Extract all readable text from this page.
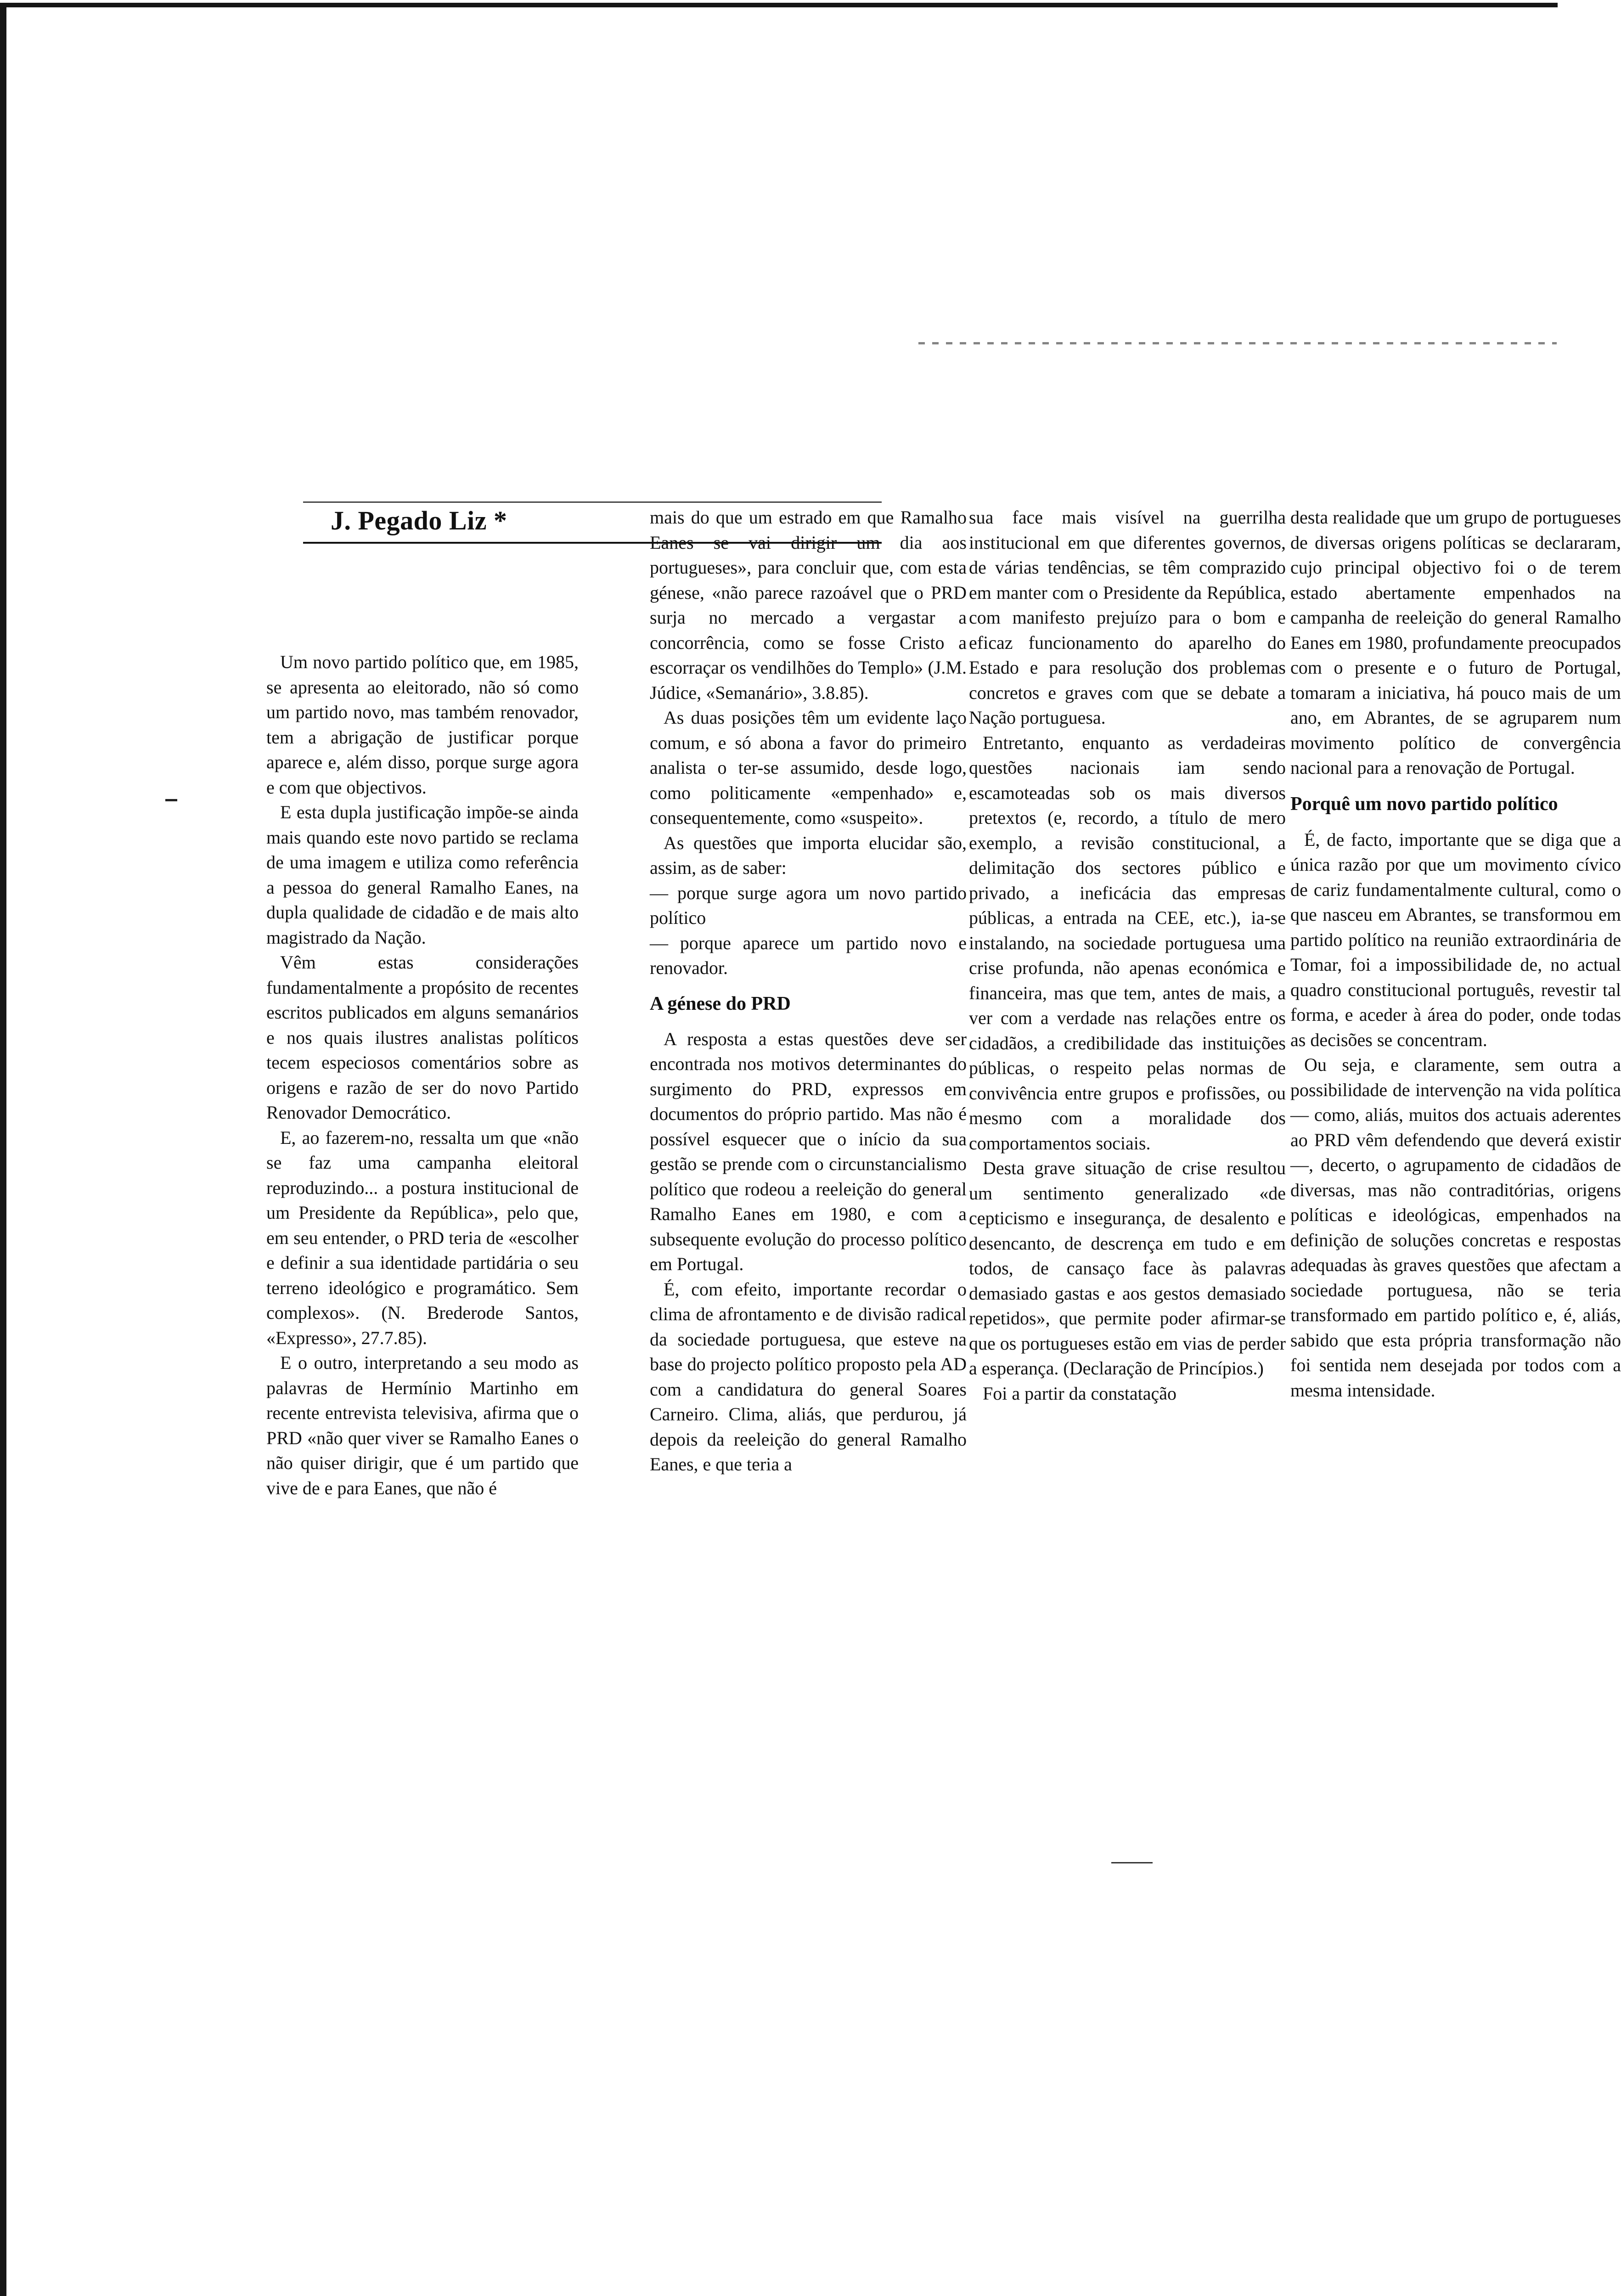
J. Pegado Liz *

Um novo partido político que, em 1985, se apresenta ao eleitorado, não só como um partido novo, mas também renovador, tem a abrigação de justificar porque aparece e, além disso, porque surge agora e com que objectivos.

E esta dupla justificação impõe-se ainda mais quando este novo partido se reclama de uma imagem e utiliza como referência a pessoa do general Ramalho Eanes, na dupla qualidade de cidadão e de mais alto magistrado da Nação.

Vêm estas considerações fundamentalmente a propósito de recentes escritos publicados em alguns semanários e nos quais ilustres analistas políticos tecem especiosos comentários sobre as origens e razão de ser do novo Partido Renovador Democrático.

E, ao fazerem-no, ressalta um que «não se faz uma campanha eleitoral reproduzindo... a postura institucional de um Presidente da República», pelo que, em seu entender, o PRD teria de «escolher e definir a sua identidade partidária o seu terreno ideológico e programático. Sem complexos». (N. Brederode Santos, «Expresso», 27.7.85).

E o outro, interpretando a seu modo as palavras de Hermínio Martinho em recente entrevista televisiva, afirma que o PRD «não quer viver se Ramalho Eanes o não quiser dirigir, que é um partido que vive de e para Eanes, que não é

mais do que um estrado em que Ramalho Eanes se vai dirigir um dia aos portugueses», para concluir que, com esta génese, «não parece razoável que o PRD surja no mercado a vergastar a concorrência, como se fosse Cristo a escorraçar os vendilhões do Templo» (J.M. Júdice, «Semanário», 3.8.85).

As duas posições têm um evidente laço comum, e só abona a favor do primeiro analista o ter-se assumido, desde logo, como politicamente «empenhado» e, consequentemente, como «suspeito».

As questões que importa elucidar são, assim, as de saber:

— porque surge agora um novo partido político

— porque aparece um partido novo e renovador.

A génese do PRD

A resposta a estas questões deve ser encontrada nos motivos determinantes do surgimento do PRD, expressos em documentos do próprio partido. Mas não é possível esquecer que o início da sua gestão se prende com o circunstancialismo político que rodeou a reeleição do general Ramalho Eanes em 1980, e com a subsequente evolução do processo político em Portugal.

É, com efeito, importante recordar o clima de afrontamento e de divisão radical da sociedade portuguesa, que esteve na base do projecto político proposto pela AD com a candidatura do general Soares Carneiro. Clima, aliás, que perdurou, já depois da reeleição do general Ramalho Eanes, e que teria a

sua face mais visível na guerrilha institucional em que diferentes governos, de várias tendências, se têm comprazido em manter com o Presidente da República, com manifesto prejuízo para o bom e eficaz funcionamento do aparelho do Estado e para resolução dos problemas concretos e graves com que se debate a Nação portuguesa.

Entretanto, enquanto as verdadeiras questões nacionais iam sendo escamoteadas sob os mais diversos pretextos (e, recordo, a título de mero exemplo, a revisão constitucional, a delimitação dos sectores público e privado, a ineficácia das empresas públicas, a entrada na CEE, etc.), ia-se instalando, na sociedade portuguesa uma crise profunda, não apenas económica e financeira, mas que tem, antes de mais, a ver com a verdade nas relações entre os cidadãos, a credibilidade das instituições públicas, o respeito pelas normas de convivência entre grupos e profissões, ou mesmo com a moralidade dos comportamentos sociais.

Desta grave situação de crise resultou um sentimento generalizado «de cepticismo e insegurança, de desalento e desencanto, de descrença em tudo e em todos, de cansaço face às palavras demasiado gastas e aos gestos demasiado repetidos», que permite poder afirmar-se que os portugueses estão em vias de perder a esperança. (Declaração de Princípios.)

Foi a partir da constatação

desta realidade que um grupo de portugueses de diversas origens políticas se declararam, cujo principal objectivo foi o de terem estado abertamente empenhados na campanha de reeleição do general Ramalho Eanes em 1980, profundamente preocupados com o presente e o futuro de Portugal, tomaram a iniciativa, há pouco mais de um ano, em Abrantes, de se agruparem num movimento político de convergência nacional para a renovação de Portugal.

Porquê um novo partido político

É, de facto, importante que se diga que a única razão por que um movimento cívico de cariz fundamentalmente cultural, como o que nasceu em Abrantes, se transformou em partido político na reunião extraordinária de Tomar, foi a impossibilidade de, no actual quadro constitucional português, revestir tal forma, e aceder à área do poder, onde todas as decisões se concentram.

Ou seja, e claramente, sem outra a possibilidade de intervenção na vida política — como, aliás, muitos dos actuais aderentes ao PRD vêm defendendo que deverá existir —, decerto, o agrupamento de cidadãos de diversas, mas não contraditórias, origens políticas e ideológicas, empenhados na definição de soluções concretas e respostas adequadas às graves questões que afectam a sociedade portuguesa, não se teria transformado em partido político e, é, aliás, sabido que esta própria transformação não foi sentida nem desejada por todos com a mesma intensidade.
